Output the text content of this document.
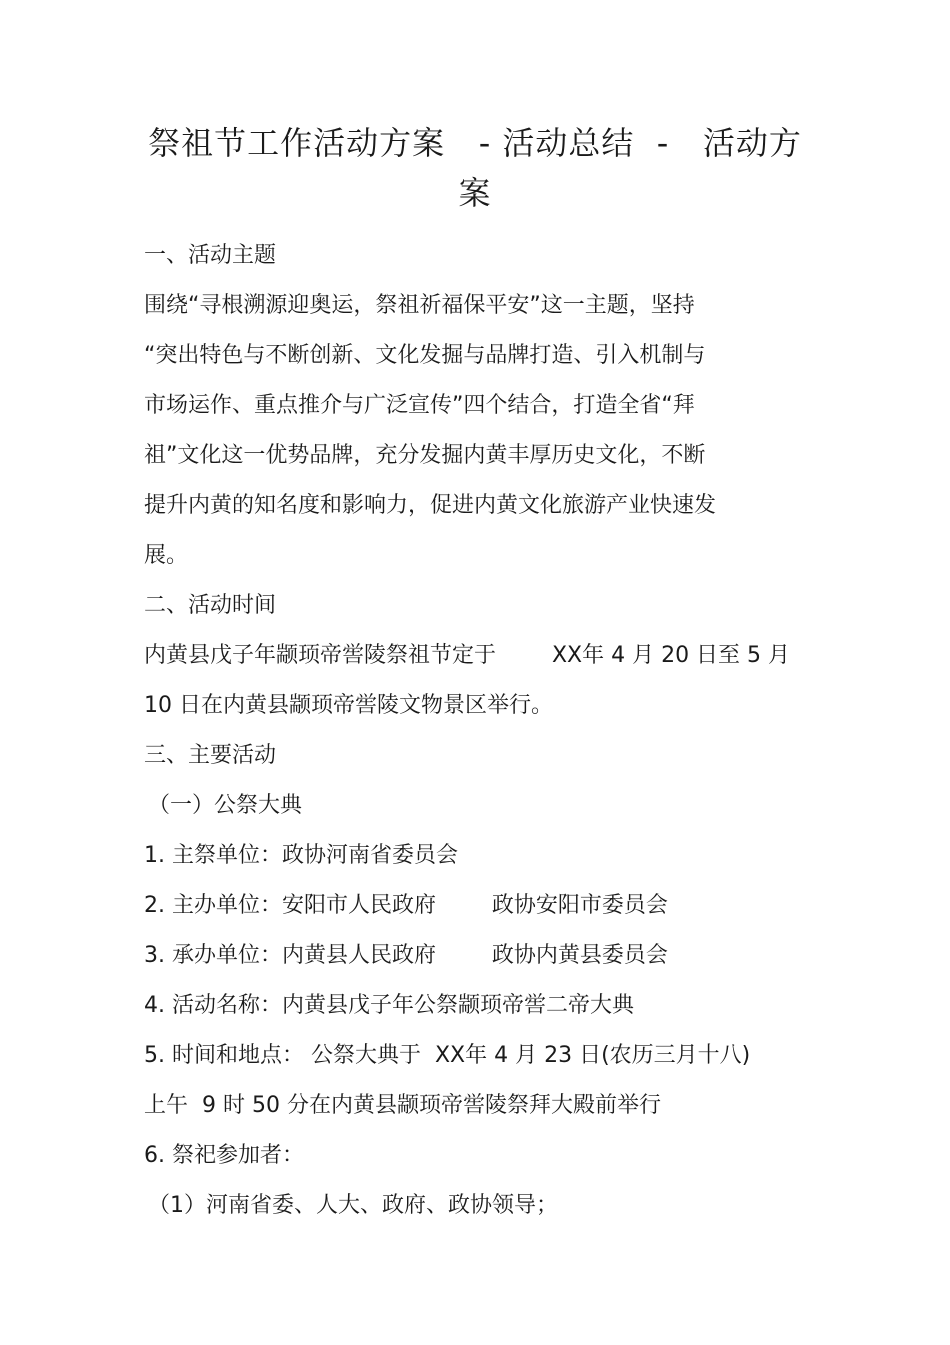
祭祖节工作活动方案   - 活动总结  -   活动方
案

一、活动主题

围绕“寻根溯源迎奥运，祭祖祈福保平安”这一主题，坚持

“突出特色与不断创新、文化发掘与品牌打造、引入机制与

市场运作、重点推介与广泛宣传”四个结合，打造全省“拜

祖”文化这一优势品牌，充分发掘内黄丰厚历史文化，不断

提升内黄的知名度和影响力，促进内黄文化旅游产业快速发

展。

二、活动时间

内黄县戊子年颛顼帝喾陵祭祖节定于        XX年 4 月 20 日至 5 月

10 日在内黄县颛顼帝喾陵文物景区举行。

三、主要活动

（一）公祭大典

1. 主祭单位：政协河南省委员会

2. 主办单位：安阳市人民政府        政协安阳市委员会

3. 承办单位：内黄县人民政府        政协内黄县委员会

4. 活动名称：内黄县戊子年公祭颛顼帝喾二帝大典

5. 时间和地点： 公祭大典于  XX年 4 月 23 日(农历三月十八)

上午  9 时 50 分在内黄县颛顼帝喾陵祭拜大殿前举行

6. 祭祀参加者：

（1）河南省委、人大、政府、政协领导；
